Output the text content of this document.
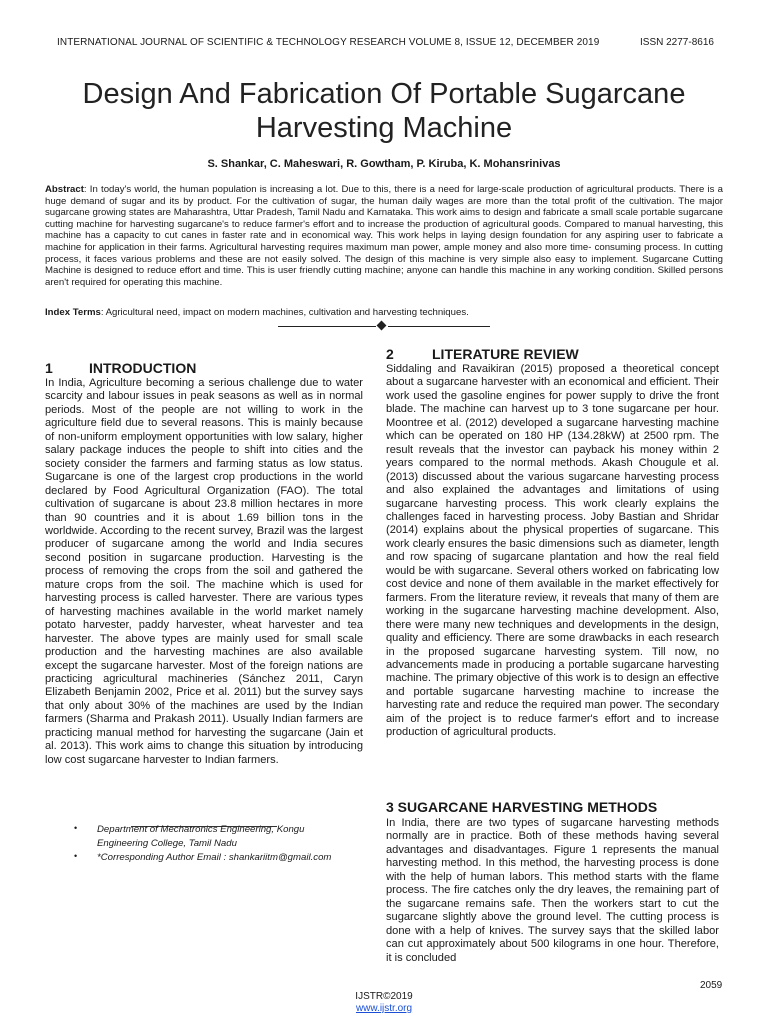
INTERNATIONAL JOURNAL OF SCIENTIFIC & TECHNOLOGY RESEARCH VOLUME 8, ISSUE 12, DECEMBER 2019	ISSN 2277-8616
Design And Fabrication Of Portable Sugarcane Harvesting Machine
S. Shankar, C. Maheswari, R. Gowtham, P. Kiruba, K. Mohansrinivas
Abstract: In today's world, the human population is increasing a lot. Due to this, there is a need for large-scale production of agricultural products. There is a huge demand of sugar and its by product. For the cultivation of sugar, the human daily wages are more than the total profit of the cultivation. The major sugarcane growing states are Maharashtra, Uttar Pradesh, Tamil Nadu and Karnataka. This work aims to design and fabricate a small scale portable sugarcane cutting machine for harvesting sugarcane's to reduce farmer's effort and to increase the production of agricultural goods. Compared to manual harvesting, this machine has a capacity to cut canes in faster rate and in economical way. This work helps in laying design foundation for any aspiring user to fabricate a machine for application in their farms. Agricultural harvesting requires maximum man power, ample money and also more time- consuming process. In cutting process, it faces various problems and these are not easily solved. The design of this machine is very simple also easy to implement. Sugarcane Cutting Machine is designed to reduce effort and time. This is user friendly cutting machine; anyone can handle this machine in any working condition. Skilled persons aren't required for operating this machine.
Index Terms: Agricultural need, impact on modern machines, cultivation and harvesting techniques.
1	INTRODUCTION
In India, Agriculture becoming a serious challenge due to water scarcity and labour issues in peak seasons as well as in normal periods. Most of the people are not willing to work in the agriculture field due to several reasons. This is mainly because of non-uniform employment opportunities with low salary, higher salary package induces the people to shift into cities and the society consider the farmers and farming status as low status. Sugarcane is one of the largest crop productions in the world declared by Food Agricultural Organization (FAO). The total cultivation of sugarcane is about 23.8 million hectares in more than 90 countries and it is about 1.69 billion tons in the worldwide. According to the recent survey, Brazil was the largest producer of sugarcane among the world and India secures second position in sugarcane production. Harvesting is the process of removing the crops from the soil and gathered the mature crops from the soil. The machine which is used for harvesting process is called harvester. There are various types of harvesting machines available in the world market namely potato harvester, paddy harvester, wheat harvester and tea harvester. The above types are mainly used for small scale production and the harvesting machines are also available except the sugarcane harvester. Most of the foreign nations are practicing agricultural machineries (Sánchez 2011, Caryn Elizabeth Benjamin 2002, Price et al. 2011) but the survey says that only about 30% of the machines are used by the Indian farmers (Sharma and Prakash 2011). Usually Indian farmers are practicing manual method for harvesting the sugarcane (Jain et al. 2013). This work aims to change this situation by introducing low cost sugarcane harvester to Indian farmers.
2	LITERATURE REVIEW
Siddaling and Ravaikiran (2015) proposed a theoretical concept about a sugarcane harvester with an economical and efficient. Their work used the gasoline engines for power supply to drive the front blade. The machine can harvest up to 3 tone sugarcane per hour. Moontree et al. (2012) developed a sugarcane harvesting machine which can be operated on 180 HP (134.28kW) at 2500 rpm. The result reveals that the investor can payback his money within 2 years compared to the normal methods. Akash Chougule et al. (2013) discussed about the various sugarcane harvesting process and also explained the advantages and limitations of using sugarcane harvesting process. This work clearly explains the challenges faced in harvesting process. Joby Bastian and Shridar (2014) explains about the physical properties of sugarcane. This work clearly ensures the basic dimensions such as diameter, length and row spacing of sugarcane plantation and how the real field would be with sugarcane. Several others worked on fabricating low cost device and none of them available in the market effectively for farmers. From the literature review, it reveals that many of them are working in the sugarcane harvesting machine development. Also, there were many new techniques and developments in the design, quality and efficiency. There are some drawbacks in each research in the proposed sugarcane harvesting system. Till now, no advancements made in producing a portable sugarcane harvesting machine. The primary objective of this work is to design an effective and portable sugarcane harvesting machine to increase the harvesting rate and reduce the required man power. The secondary aim of the project is to reduce farmer's effort and to increase production of agricultural products.
3 SUGARCANE HARVESTING METHODS
In India, there are two types of sugarcane harvesting methods normally are in practice. Both of these methods having several advantages and disadvantages. Figure 1 represents the manual harvesting method. In this method, the harvesting process is done with the help of human labors. This method starts with the flame process. The fire catches only the dry leaves, the remaining part of the sugarcane remains safe. Then the workers start to cut the sugarcane slightly above the ground level. The cutting process is done with a help of knives. The survey says that the skilled labor can cut approximately about 500 kilograms in one hour. Therefore, it is concluded
• Department of Mechatronics Engineering, Kongu Engineering College, Tamil Nadu
• *Corresponding Author Email : shankariitm@gmail.com
2059
IJSTR©2019
www.ijstr.org
